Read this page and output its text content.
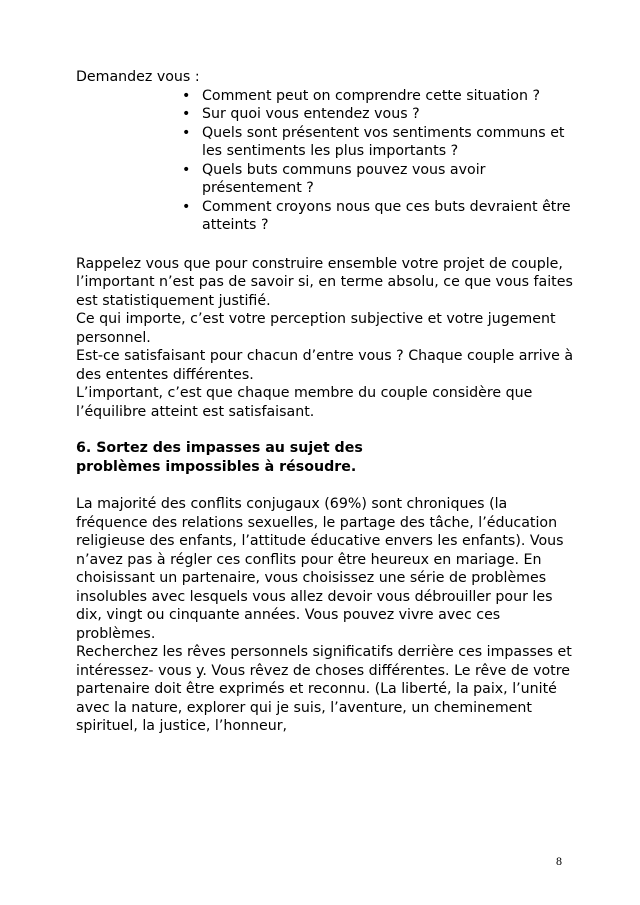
Demandez vous :

• Comment peut on comprendre cette situation ?
• Sur quoi vous entendez vous ?
• Quels sont présentent vos sentiments communs et les sentiments les plus importants ?
• Quels buts communs pouvez vous avoir présentement ?
• Comment croyons nous que ces buts devraient être atteints ?

Rappelez vous que pour construire ensemble votre projet de couple, l’important n’est pas de savoir si, en terme absolu, ce que vous faites est statistiquement justifié.

Ce qui importe, c’est votre perception subjective et votre jugement personnel.

Est-ce satisfaisant pour chacun d’entre vous ? Chaque couple arrive à des ententes différentes.

L’important, c’est que chaque membre du couple considère que l’équilibre atteint est satisfaisant.

6. Sortez des impasses au sujet des problèmes impossibles à résoudre.

La majorité des conflits conjugaux (69%) sont chroniques (la fréquence des relations sexuelles, le partage des tâche, l’éducation religieuse des enfants, l’attitude éducative envers les enfants). Vous n’avez pas à régler ces conflits pour être heureux en mariage. En choisissant un partenaire, vous choisissez une série de problèmes insolubles avec lesquels vous allez devoir vous débrouiller pour les dix, vingt ou cinquante années. Vous pouvez vivre avec ces problèmes.

Recherchez les rêves personnels significatifs derrière ces impasses et intéressez- vous y. Vous rêvez de choses différentes. Le rêve de votre partenaire doit être exprimés et reconnu. (La liberté, la paix, l’unité avec la nature, explorer qui je suis, l’aventure, un cheminement spirituel, la justice, l’honneur,

8
